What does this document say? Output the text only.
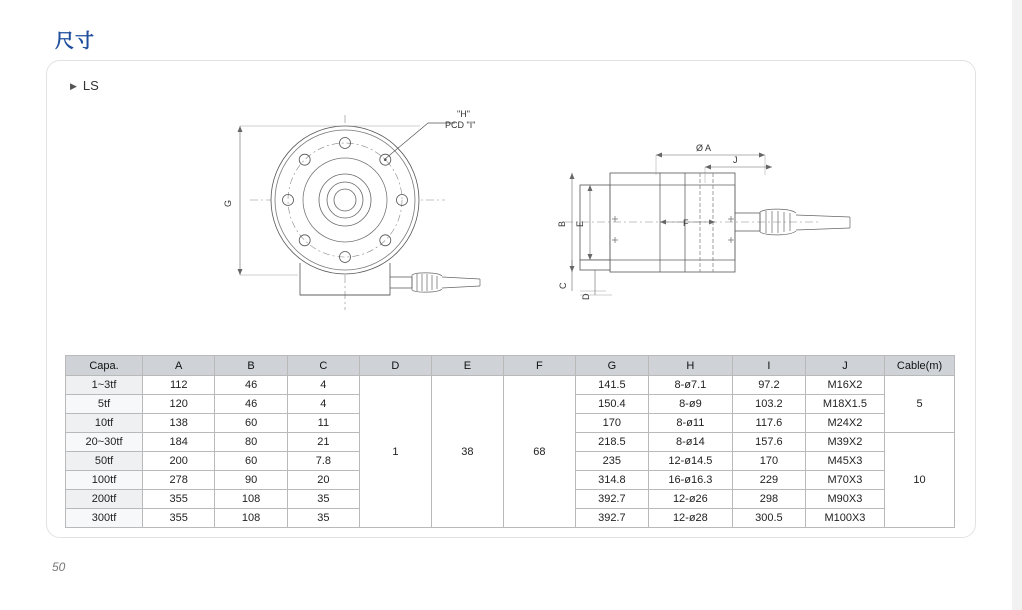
尺寸
▶ LS
"H"
PCD "I"
G
Ø A
J
F
B E
C
D
Capa.	A	B	C	D	E	F	G	H	I	J	Cable(m)
1~3tf	112	46	4	1	38	68	141.5	8-ø7.1	97.2	M16X2	5
5tf	120	46	4				150.4	8-ø9	103.2	M18X1.5	
10tf	138	60	11				170	8-ø11	117.6	M24X2	
20~30tf	184	80	21				218.5	8-ø14	157.6	M39X2	10
50tf	200	60	7.8				235	12-ø14.5	170	M45X3	
100tf	278	90	20				314.8	16-ø16.3	229	M70X3	
200tf	355	108	35				392.7	12-ø26	298	M90X3	
300tf	355	108	35				392.7	12-ø28	300.5	M100X3	
50
